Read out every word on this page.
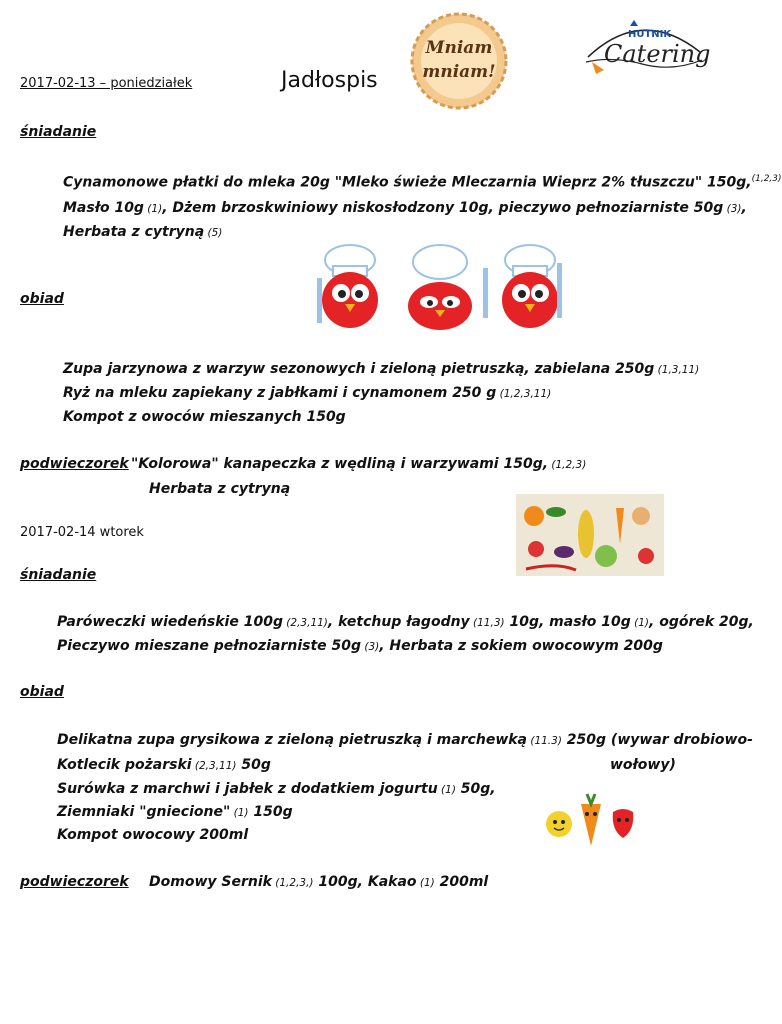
2017-02-13 – poniedziałek	Jadłospis
Mniam
mniam!
HUTNIK
Catering
śniadanie
Cynamonowe płatki do mleka 20g "Mleko świeże Mleczarnia Wieprz 2% tłuszczu" 150g,$^{(1,2,3)}$
Masło 10g (1), Dżem brzoskwiniowy niskosłodzony 10g, pieczywo pełnoziarniste 50g (3),
Herbata z cytryną (5)
obiad
Zupa jarzynowa z warzyw sezonowych i zieloną pietruszką, zabielana 250g (1,3,11)
Ryż na mleku zapiekany z jabłkami i cynamonem 250 g (1,2,3,11)
Kompot z owoców mieszanych 150g
podwieczorek "Kolorowa" kanapeczka z wędliną i warzywami 150g, (1,2,3)
Herbata z cytryną
2017-02-14 wtorek
śniadanie
Parówеczki wiedeńskie 100g (2,3,11), ketchup łagodny (11,3) 10g, masło 10g (1), ogórek 20g,
Pieczywo mieszane pełnoziarniste 50g (3), Herbata z sokiem owocowym 200g
obiad
Delikatna zupa grysikowa z zieloną pietruszką i marchewką (11.3) 250g (wywar drobiowo-
Kotlecik pożarski (2,3,11) 50g	wołowy)
Surówka z marchwi i jabłek z dodatkiem jogurtu (1) 50g,
Ziemniaki "gniecione" (1) 150g
Kompot owocowy 200ml
podwieczorek Domowy Sernik (1,2,3,) 100g, Kakao (1) 200ml
